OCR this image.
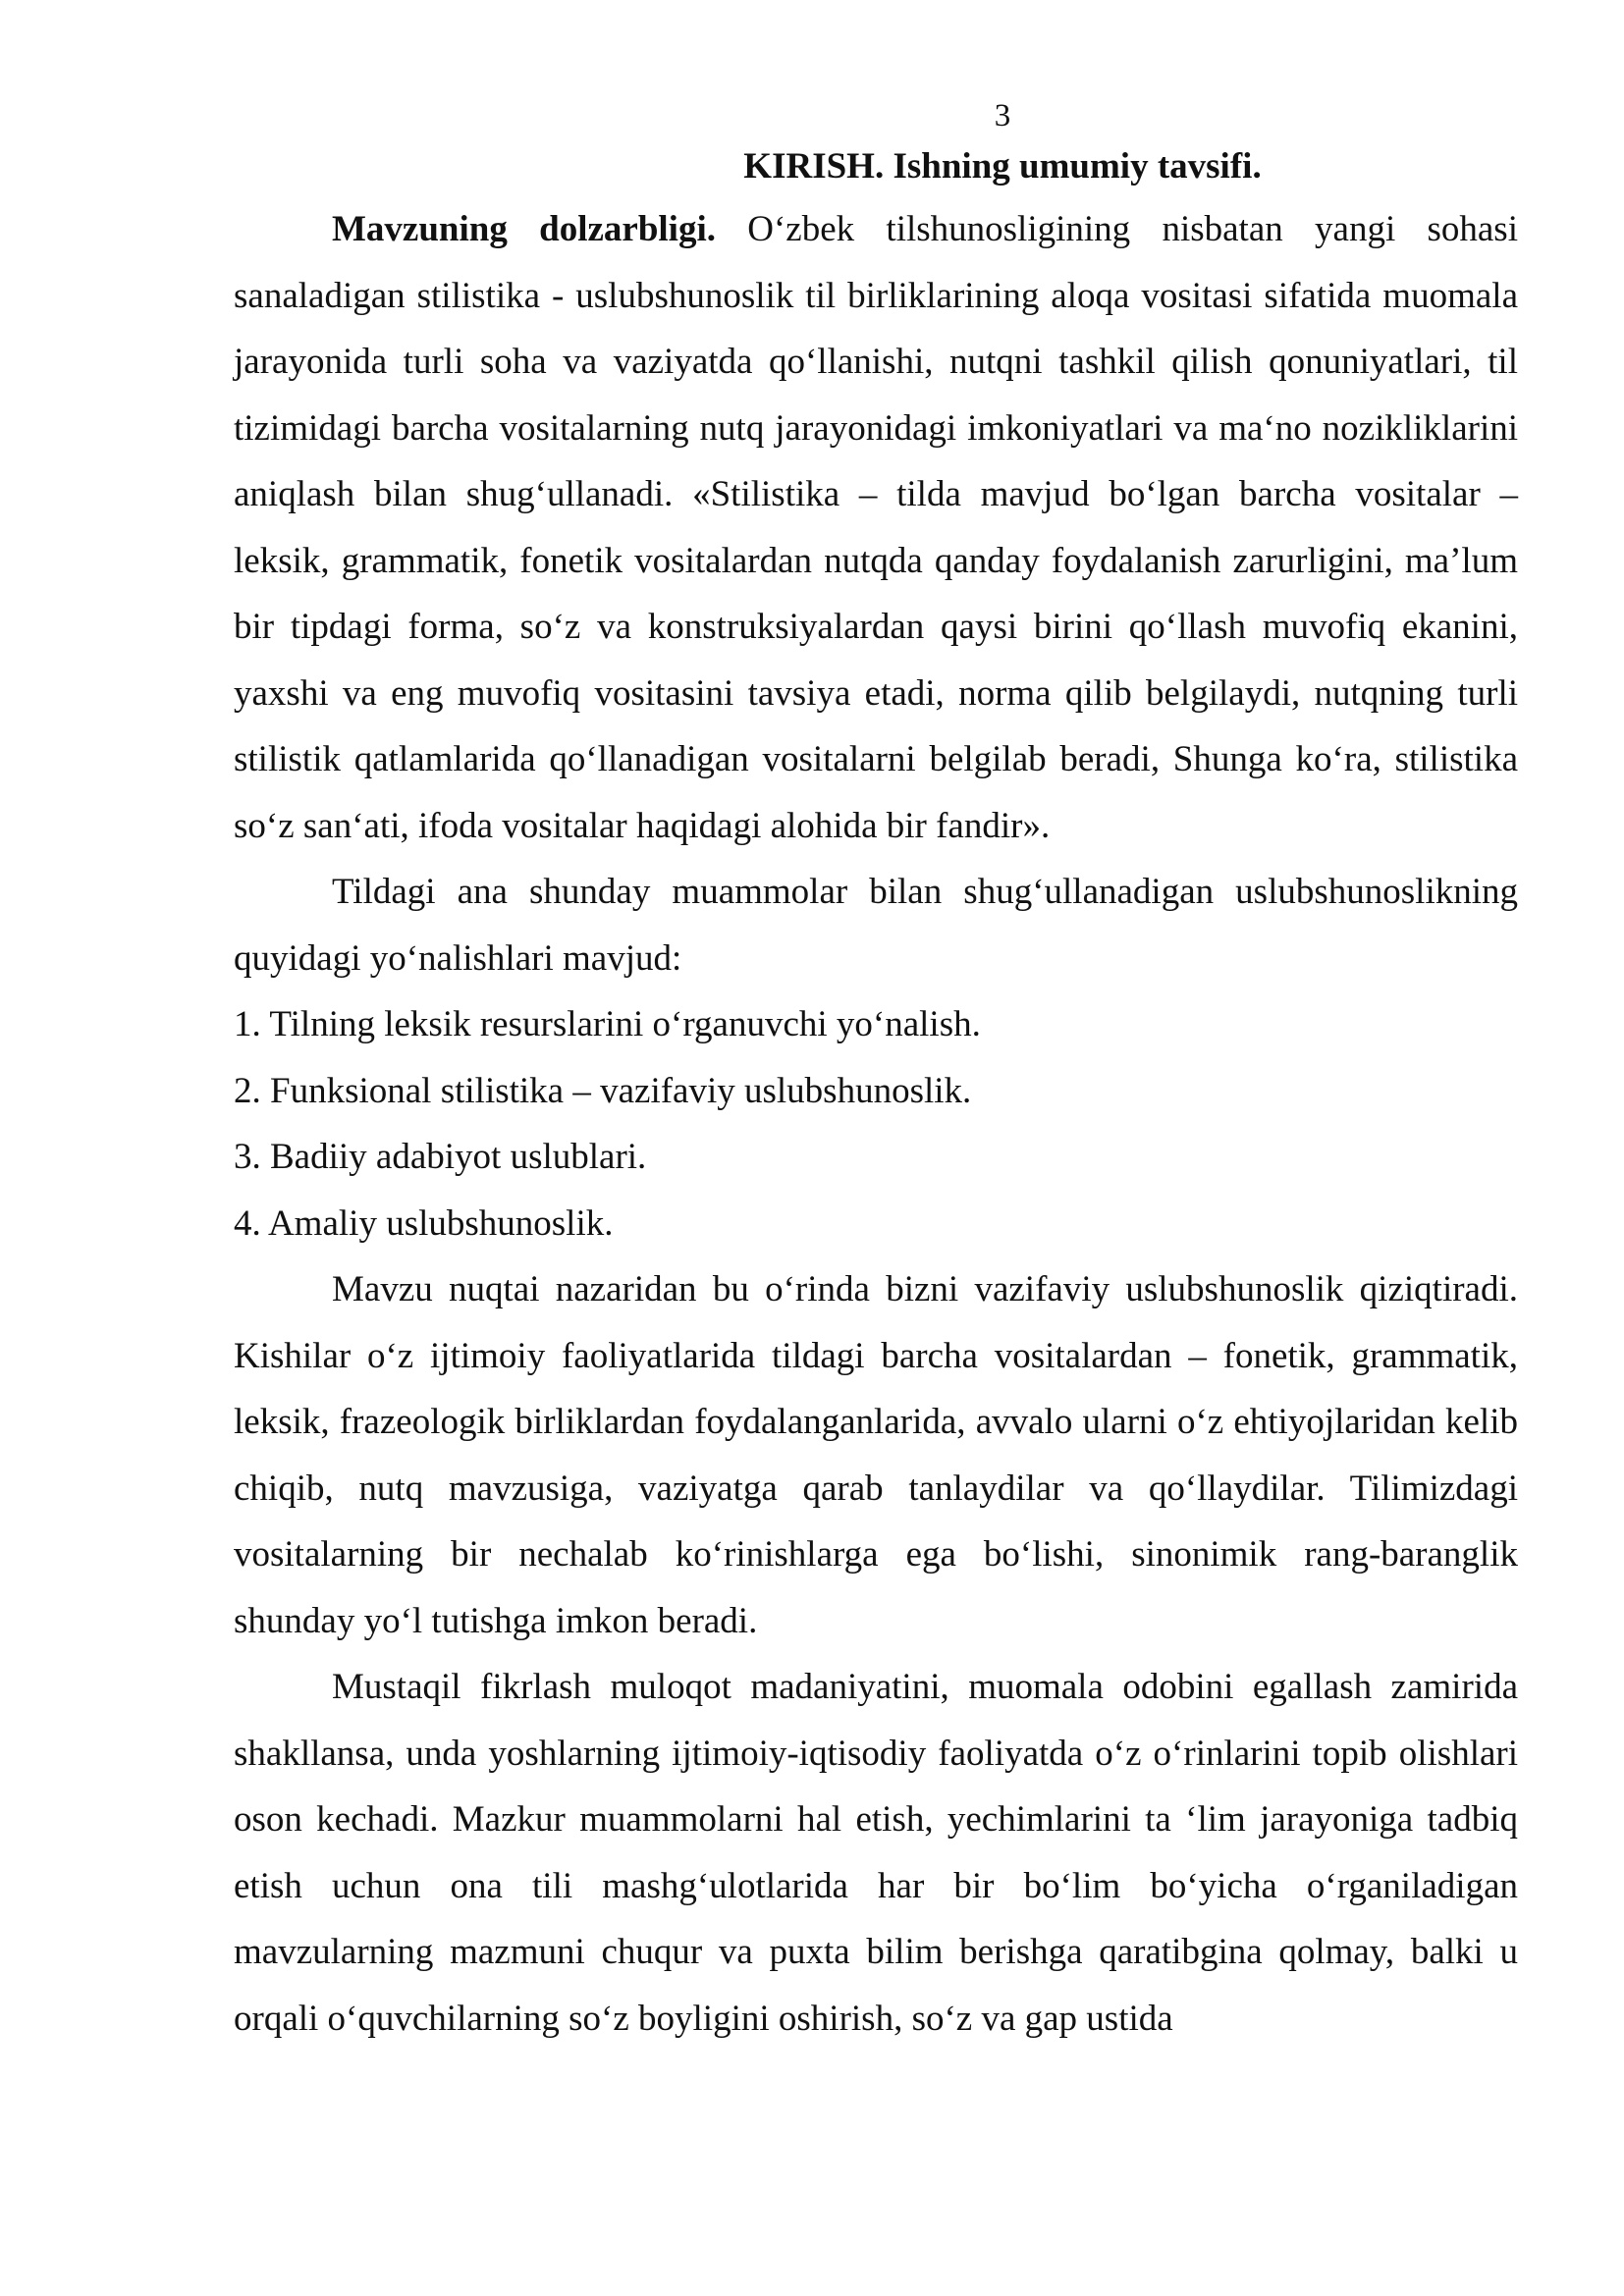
3
KIRISH. Ishning umumiy tavsifi.

Mavzuning dolzarbligi. O‘zbek tilshunosligining nisbatan yangi sohasi sanaladigan stilistika - uslubshunoslik til birliklarining aloqa vositasi sifatida muomala jarayonida turli soha va vaziyatda qo‘llanishi, nutqni tashkil qilish qonuniyatlari, til tizimidagi barcha vositalarning nutq jarayonidagi imkoniyatlari va ma‘no nozikliklarini aniqlash bilan shug‘ullanadi. «Stilistika – tilda mavjud bo‘lgan barcha vositalar – leksik, grammatik, fonetik vositalardan nutqda qanday foydalanish zarurligini, ma’lum bir tipdagi forma, so‘z va konstruksiyalardan qaysi birini qo‘llash muvofiq ekanini, yaxshi va eng muvofiq vositasini tavsiya etadi, norma qilib belgilaydi, nutqning turli stilistik qatlamlarida qo‘llanadigan vositalarni belgilab beradi, Shunga ko‘ra, stilistika so‘z san‘ati, ifoda vositalar haqidagi alohida bir fandir».

Tildagi ana shunday muammolar bilan shug‘ullanadigan uslubshunoslikning quyidagi yo‘nalishlari mavjud:

1. Tilning leksik resurslarini o‘rganuvchi yo‘nalish.

2. Funksional stilistika – vazifaviy uslubshunoslik.

3. Badiiy adabiyot uslublari.

4. Amaliy uslubshunoslik.

Mavzu nuqtai nazaridan bu o‘rinda bizni vazifaviy uslubshunoslik qiziqtiradi. Kishilar o‘z ijtimoiy faoliyatlarida tildagi barcha vositalardan – fonetik, grammatik, leksik, frazeologik birliklardan foydalanganlarida, avvalo ularni o‘z ehtiyojlaridan kelib chiqib, nutq mavzusiga, vaziyatga qarab tanlaydilar va qo‘llaydilar. Tilimizdagi vositalarning bir nechalab ko‘rinishlarga ega bo‘lishi, sinonimik rang-baranglik shunday yo‘l tutishga imkon beradi.

Mustaqil fikrlash muloqot madaniyatini, muomala odobini egallash zamirida shakllansa, unda yoshlarning ijtimoiy-iqtisodiy faoliyatda o‘z o‘rinlarini topib olishlari oson kechadi. Mazkur muammolarni hal etish, yechimlarini ta ‘lim jarayoniga tadbiq etish uchun ona tili mashg‘ulotlarida har bir bo‘lim bo‘yicha o‘rganiladigan mavzularning mazmuni chuqur va puxta bilim berishga qaratibgina qolmay, balki u orqali o‘quvchilarning so‘z boyligini oshirish, so‘z va gap ustida
